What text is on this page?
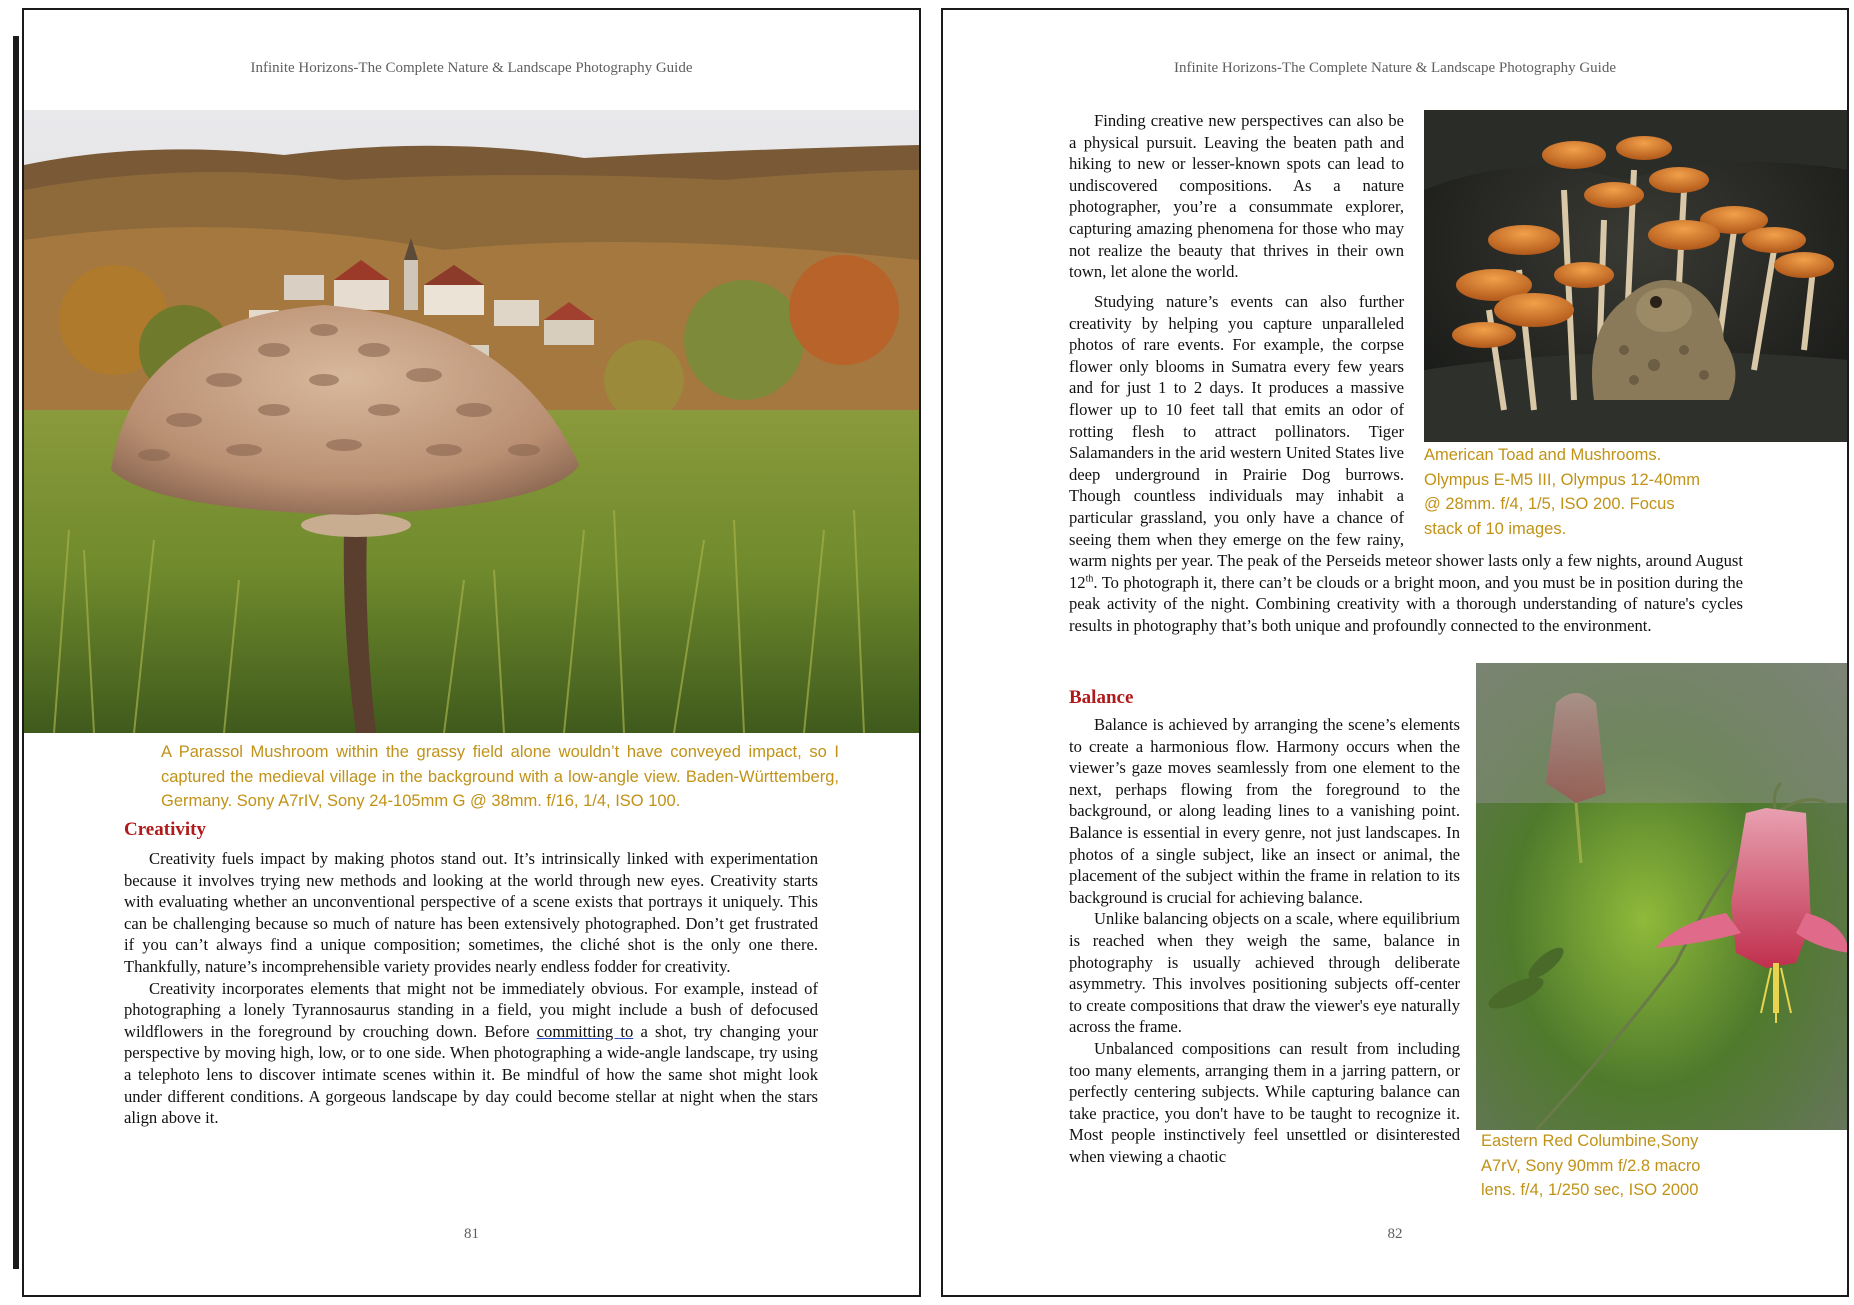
Infinite Horizons-The Complete Nature & Landscape Photography Guide
A Parassol Mushroom within the grassy field alone wouldn’t have conveyed impact, so I captured the medieval village in the background with a low-angle view. Baden-Württemberg, Germany. Sony A7rIV, Sony 24-105mm G @ 38mm. f/16, 1/4, ISO 100.
Creativity

Creativity fuels impact by making photos stand out. It’s intrinsically linked with experimentation because it involves trying new methods and looking at the world through new eyes. Creativity starts with evaluating whether an unconventional perspective of a scene exists that portrays it uniquely. This can be challenging because so much of nature has been extensively photographed. Don’t get frustrated if you can’t always find a unique composition; sometimes, the cliché shot is the only one there. Thankfully, nature’s incomprehensible variety provides nearly endless fodder for creativity.

Creativity incorporates elements that might not be immediately obvious. For example, instead of photographing a lonely Tyrannosaurus standing in a field, you might include a bush of defocused wildflowers in the foreground by crouching down. Before committing to a shot, try changing your perspective by moving high, low, or to one side. When photographing a wide-angle landscape, try using a telephoto lens to discover intimate scenes within it. Be mindful of how the same shot might look under different conditions. A gorgeous landscape by day could become stellar at night when the stars align above it.

81
Infinite Horizons-The Complete Nature & Landscape Photography Guide
American Toad and Mushrooms. Olympus E-M5 III, Olympus 12-40mm @ 28mm. f/4, 1/5, ISO 200. Focus stack of 10 images.

Finding creative new perspectives can also be a physical pursuit. Leaving the beaten path and hiking to new or lesser-known spots can lead to undiscovered compositions. As a nature photographer, you’re a consummate explorer, capturing amazing phenomena for those who may not realize the beauty that thrives in their own town, let alone the world.

Studying nature’s events can also further creativity by helping you capture unparalleled photos of rare events. For example, the corpse flower only blooms in Sumatra every few years and for just 1 to 2 days. It produces a massive flower up to 10 feet tall that emits an odor of rotting flesh to attract pollinators. Tiger Salamanders in the arid western United States live deep underground in Prairie Dog burrows. Though countless individuals may inhabit a particular grassland, you only have a chance of seeing them when they emerge on the few rainy, warm nights per year. The peak of the Perseids meteor shower lasts only a few nights, around August 12th. To photograph it, there can’t be clouds or a bright moon, and you must be in position during the peak activity of the night. Combining creativity with a thorough understanding of nature's cycles results in photography that’s both unique and profoundly connected to the environment.

Balance

Balance is achieved by arranging the scene’s elements to create a harmonious flow. Harmony occurs when the viewer’s gaze moves seamlessly from one element to the next, perhaps flowing from the foreground to the background, or along leading lines to a vanishing point. Balance is essential in every genre, not just landscapes. In photos of a single subject, like an insect or animal, the placement of the subject within the frame in relation to its background is crucial for achieving balance.

Unlike balancing objects on a scale, where equilibrium is reached when they weigh the same, balance in photography is usually achieved through deliberate asymmetry. This involves positioning subjects off-center to create compositions that draw the viewer's eye naturally across the frame.

Unbalanced compositions can result from including too many elements, arranging them in a jarring pattern, or perfectly centering subjects. While capturing balance can take practice, you don't have to be taught to recognize it. Most people instinctively feel unsettled or disinterested when viewing a chaotic

Eastern Red Columbine,Sony A7rV, Sony 90mm f/2.8 macro lens. f/4, 1/250 sec, ISO 2000
82
